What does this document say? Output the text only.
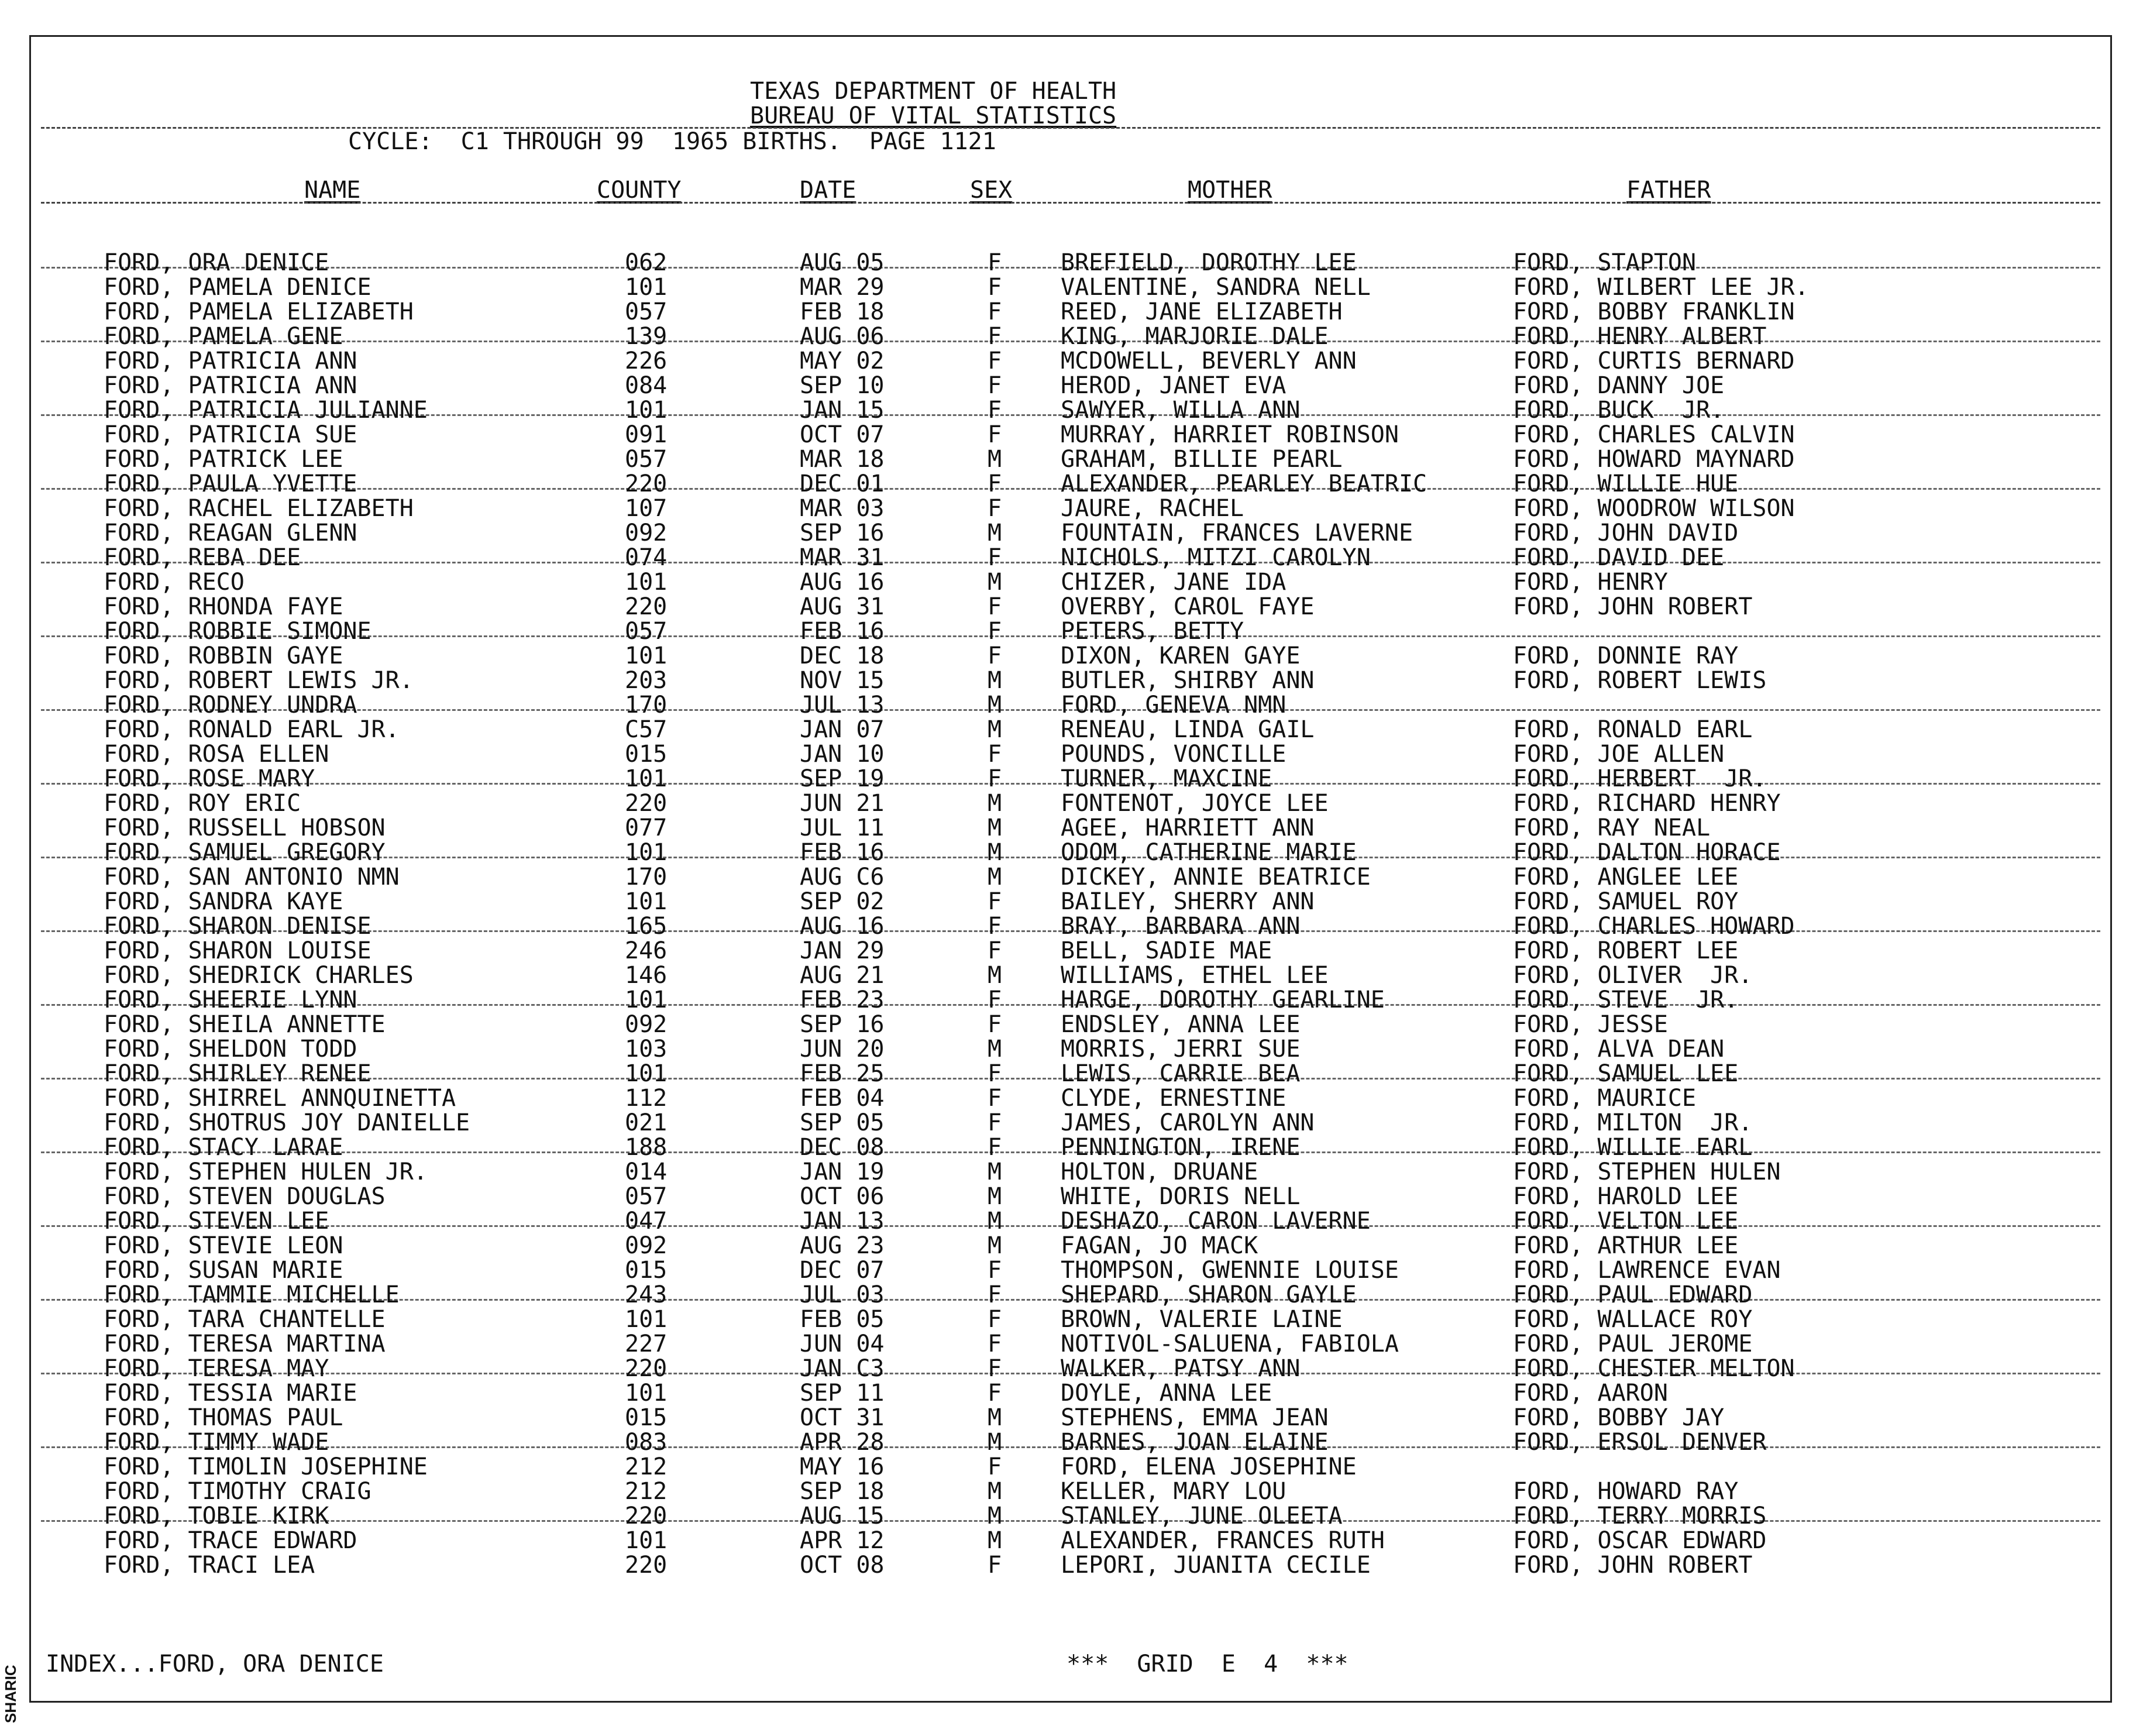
TEXAS DEPARTMENT OF HEALTH
BUREAU OF VITAL STATISTICS
CYCLE:  C1 THROUGH 99  1965 BIRTHS.  PAGE 1121
NAME	COUNTY	DATE	SEX	MOTHER	FATHER
FORD, ORA DENICE	062	AUG 05	F	BREFIELD, DOROTHY LEE	FORD, STAPTON
FORD, PAMELA DENICE	101	MAR 29	F	VALENTINE, SANDRA NELL	FORD, WILBERT LEE JR.
FORD, PAMELA ELIZABETH	057	FEB 18	F	REED, JANE ELIZABETH	FORD, BOBBY FRANKLIN
FORD, PAMELA GENE	139	AUG 06	F	KING, MARJORIE DALE	FORD, HENRY ALBERT
FORD, PATRICIA ANN	226	MAY 02	F	MCDOWELL, BEVERLY ANN	FORD, CURTIS BERNARD
FORD, PATRICIA ANN	084	SEP 10	F	HEROD, JANET EVA	FORD, DANNY JOE
FORD, PATRICIA JULIANNE	101	JAN 15	F	SAWYER, WILLA ANN	FORD, BUCK  JR.
FORD, PATRICIA SUE	091	OCT 07	F	MURRAY, HARRIET ROBINSON	FORD, CHARLES CALVIN
FORD, PATRICK LEE	057	MAR 18	M	GRAHAM, BILLIE PEARL	FORD, HOWARD MAYNARD
FORD, PAULA YVETTE	220	DEC 01	F	ALEXANDER, PEARLEY BEATRIC	FORD, WILLIE HUE
FORD, RACHEL ELIZABETH	107	MAR 03	F	JAURE, RACHEL	FORD, WOODROW WILSON
FORD, REAGAN GLENN	092	SEP 16	M	FOUNTAIN, FRANCES LAVERNE	FORD, JOHN DAVID
FORD, REBA DEE	074	MAR 31	F	NICHOLS, MITZI CAROLYN	FORD, DAVID DEE
FORD, RECO	101	AUG 16	M	CHIZER, JANE IDA	FORD, HENRY
FORD, RHONDA FAYE	220	AUG 31	F	OVERBY, CAROL FAYE	FORD, JOHN ROBERT
FORD, ROBBIE SIMONE	057	FEB 16	F	PETERS, BETTY
FORD, ROBBIN GAYE	101	DEC 18	F	DIXON, KAREN GAYE	FORD, DONNIE RAY
FORD, ROBERT LEWIS JR.	203	NOV 15	M	BUTLER, SHIRBY ANN	FORD, ROBERT LEWIS
FORD, RODNEY UNDRA	170	JUL 13	M	FORD, GENEVA NMN
FORD, RONALD EARL JR.	C57	JAN 07	M	RENEAU, LINDA GAIL	FORD, RONALD EARL
FORD, ROSA ELLEN	015	JAN 10	F	POUNDS, VONCILLE	FORD, JOE ALLEN
FORD, ROSE MARY	101	SEP 19	F	TURNER, MAXCINE	FORD, HERBERT  JR.
FORD, ROY ERIC	220	JUN 21	M	FONTENOT, JOYCE LEE	FORD, RICHARD HENRY
FORD, RUSSELL HOBSON	077	JUL 11	M	AGEE, HARRIETT ANN	FORD, RAY NEAL
FORD, SAMUEL GREGORY	101	FEB 16	M	ODOM, CATHERINE MARIE	FORD, DALTON HORACE
FORD, SAN ANTONIO NMN	170	AUG C6	M	DICKEY, ANNIE BEATRICE	FORD, ANGLEE LEE
FORD, SANDRA KAYE	101	SEP 02	F	BAILEY, SHERRY ANN	FORD, SAMUEL ROY
FORD, SHARON DENISE	165	AUG 16	F	BRAY, BARBARA ANN	FORD, CHARLES HOWARD
FORD, SHARON LOUISE	246	JAN 29	F	BELL, SADIE MAE	FORD, ROBERT LEE
FORD, SHEDRICK CHARLES	146	AUG 21	M	WILLIAMS, ETHEL LEE	FORD, OLIVER  JR.
FORD, SHEERIE LYNN	101	FEB 23	F	HARGE, DOROTHY GEARLINE	FORD, STEVE  JR.
FORD, SHEILA ANNETTE	092	SEP 16	F	ENDSLEY, ANNA LEE	FORD, JESSE
FORD, SHELDON TODD	103	JUN 20	M	MORRIS, JERRI SUE	FORD, ALVA DEAN
FORD, SHIRLEY RENEE	101	FEB 25	F	LEWIS, CARRIE BEA	FORD, SAMUEL LEE
FORD, SHIRREL ANNQUINETTA	112	FEB 04	F	CLYDE, ERNESTINE	FORD, MAURICE
FORD, SHOTRUS JOY DANIELLE	021	SEP 05	F	JAMES, CAROLYN ANN	FORD, MILTON  JR.
FORD, STACY LARAE	188	DEC 08	F	PENNINGTON, IRENE	FORD, WILLIE EARL
FORD, STEPHEN HULEN JR.	014	JAN 19	M	HOLTON, DRUANE	FORD, STEPHEN HULEN
FORD, STEVEN DOUGLAS	057	OCT 06	M	WHITE, DORIS NELL	FORD, HAROLD LEE
FORD, STEVEN LEE	047	JAN 13	M	DESHAZO, CARON LAVERNE	FORD, VELTON LEE
FORD, STEVIE LEON	092	AUG 23	M	FAGAN, JO MACK	FORD, ARTHUR LEE
FORD, SUSAN MARIE	015	DEC 07	F	THOMPSON, GWENNIE LOUISE	FORD, LAWRENCE EVAN
FORD, TAMMIE MICHELLE	243	JUL 03	F	SHEPARD, SHARON GAYLE	FORD, PAUL EDWARD
FORD, TARA CHANTELLE	101	FEB 05	F	BROWN, VALERIE LAINE	FORD, WALLACE ROY
FORD, TERESA MARTINA	227	JUN 04	F	NOTIVOL-SALUENA, FABIOLA	FORD, PAUL JEROME
FORD, TERESA MAY	220	JAN C3	F	WALKER, PATSY ANN	FORD, CHESTER MELTON
FORD, TESSIA MARIE	101	SEP 11	F	DOYLE, ANNA LEE	FORD, AARON
FORD, THOMAS PAUL	015	OCT 31	M	STEPHENS, EMMA JEAN	FORD, BOBBY JAY
FORD, TIMMY WADE	083	APR 28	M	BARNES, JOAN ELAINE	FORD, ERSOL DENVER
FORD, TIMOLIN JOSEPHINE	212	MAY 16	F	FORD, ELENA JOSEPHINE
FORD, TIMOTHY CRAIG	212	SEP 18	M	KELLER, MARY LOU	FORD, HOWARD RAY
FORD, TOBIE KIRK	220	AUG 15	M	STANLEY, JUNE OLEETA	FORD, TERRY MORRIS
FORD, TRACE EDWARD	101	APR 12	M	ALEXANDER, FRANCES RUTH	FORD, OSCAR EDWARD
FORD, TRACI LEA	220	OCT 08	F	LEPORI, JUANITA CECILE	FORD, JOHN ROBERT
INDEX...FORD, ORA DENICE	***  GRID  E  4  ***
SHARIC
